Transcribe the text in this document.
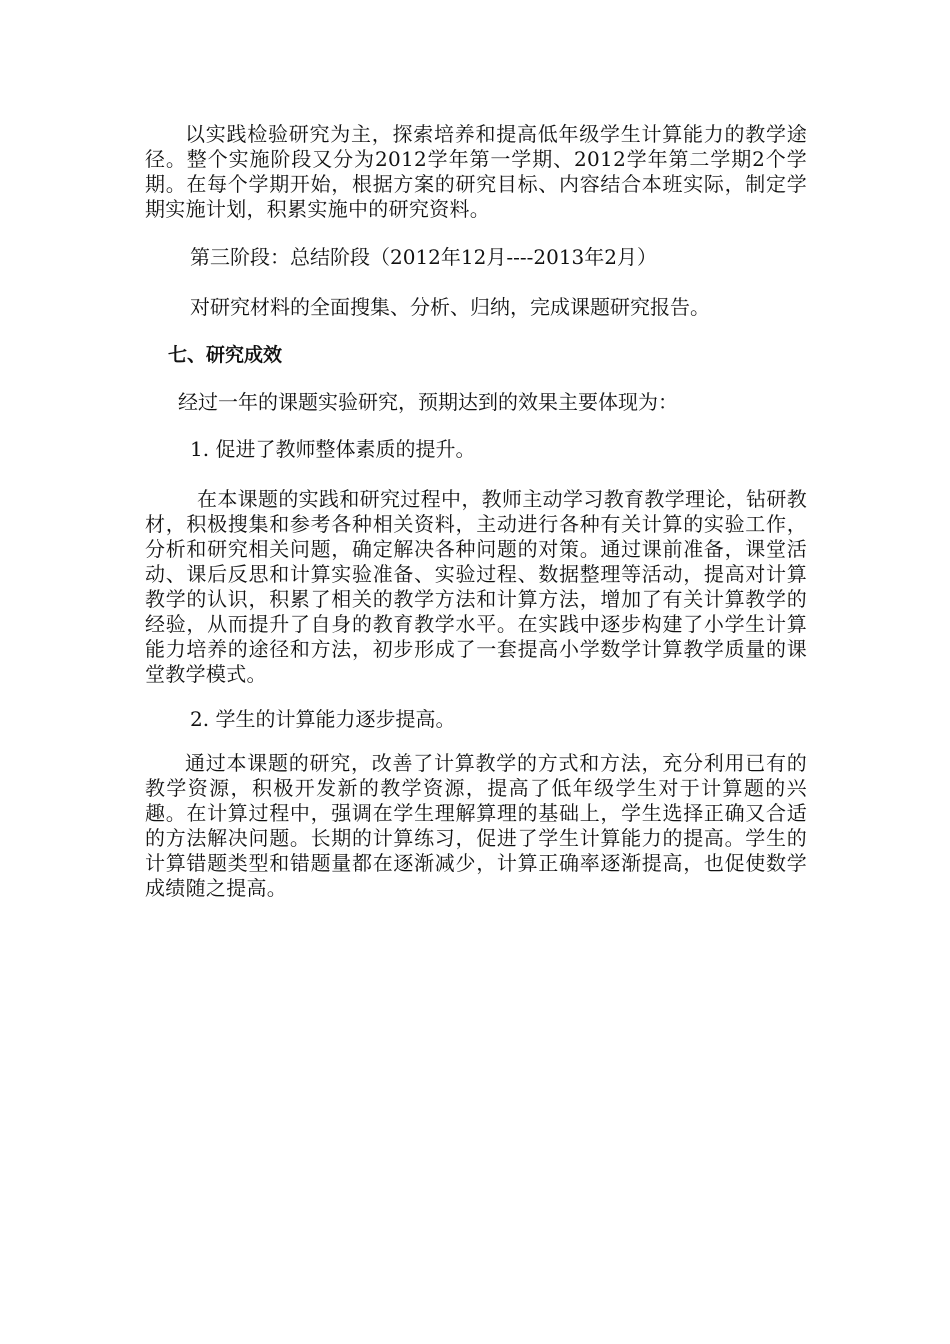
以实践检验研究为主，探索培养和提高低年级学生计算能力的教学途径。整个实施阶段又分为2012学年第一学期、2012学年第二学期2个学期。在每个学期开始，根据方案的研究目标、内容结合本班实际，制定学期实施计划，积累实施中的研究资料。

第三阶段：总结阶段（2012年12月----2013年2月）

对研究材料的全面搜集、分析、归纳，完成课题研究报告。

七、研究成效

经过一年的课题实验研究，预期达到的效果主要体现为：

1. 促进了教师整体素质的提升。

在本课题的实践和研究过程中，教师主动学习教育教学理论，钻研教材，积极搜集和参考各种相关资料，主动进行各种有关计算的实验工作，分析和研究相关问题，确定解决各种问题的对策。通过课前准备，课堂活动、课后反思和计算实验准备、实验过程、数据整理等活动，提高对计算教学的认识，积累了相关的教学方法和计算方法，增加了有关计算教学的经验，从而提升了自身的教育教学水平。在实践中逐步构建了小学生计算能力培养的途径和方法，初步形成了一套提高小学数学计算教学质量的课堂教学模式。

2. 学生的计算能力逐步提高。

通过本课题的研究，改善了计算教学的方式和方法，充分利用已有的教学资源，积极开发新的教学资源，提高了低年级学生对于计算题的兴趣。在计算过程中，强调在学生理解算理的基础上，学生选择正确又合适的方法解决问题。长期的计算练习，促进了学生计算能力的提高。学生的计算错题类型和错题量都在逐渐减少，计算正确率逐渐提高，也促使数学成绩随之提高。
